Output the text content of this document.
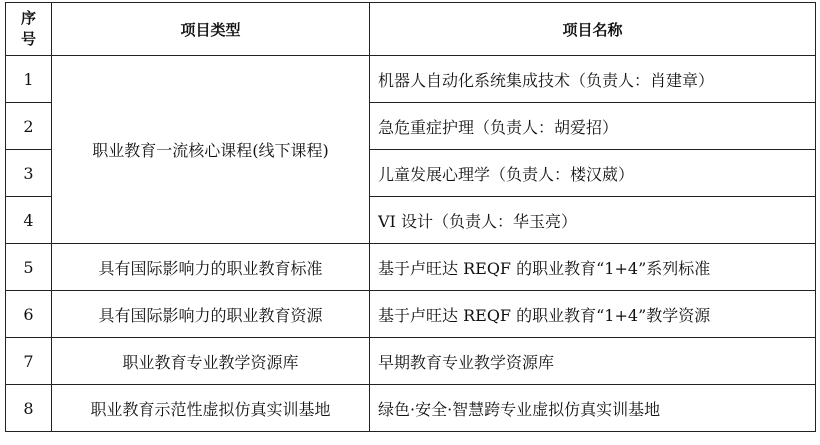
序
号	项目类型	项目名称
1	职业教育一流核心课程(线下课程)	机器人自动化系统集成技术（负责人：肖建章）
2		急危重症护理（负责人：胡爱招）
3		儿童发展心理学（负责人：楼汉葳）
4		VI 设计（负责人：华玉亮）
5	具有国际影响力的职业教育标准	基于卢旺达 REQF 的职业教育“1+4”系列标准
6	具有国际影响力的职业教育资源	基于卢旺达 REQF 的职业教育“1+4”教学资源
7	职业教育专业教学资源库	早期教育专业教学资源库
8	职业教育示范性虚拟仿真实训基地	绿色·安全·智慧跨专业虚拟仿真实训基地
